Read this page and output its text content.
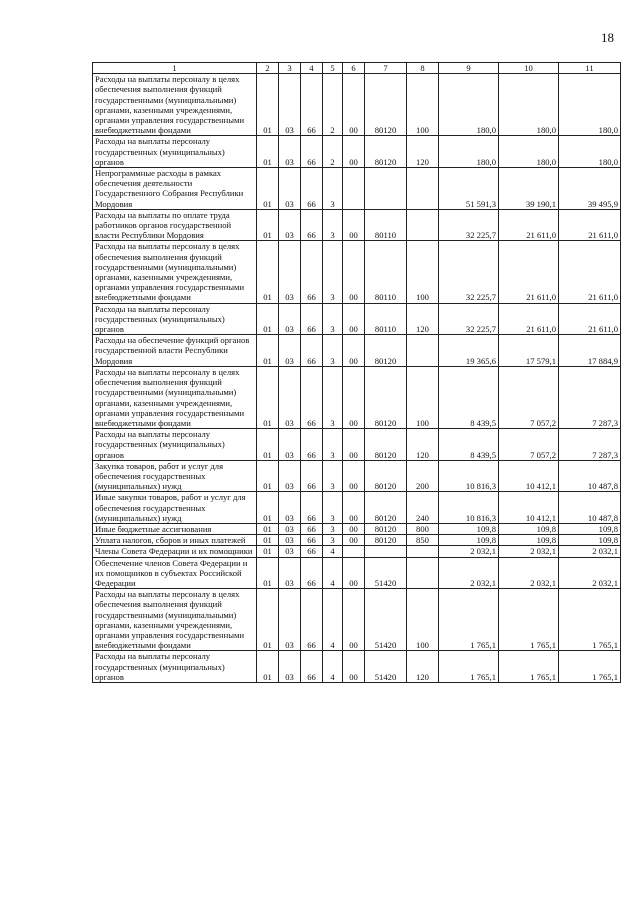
18
1	2	3	4	5	6	7	8	9	10	11
Расходы на выплаты персоналу в целях обеспечения выполнения функций государственными (муниципальными) органами, казенными учреждениями, органами управления государственными внебюджетными фондами	01	03	66	2	00	80120	100	180,0	180,0	180,0
Расходы на выплаты персоналу государственных (муниципальных) органов	01	03	66	2	00	80120	120	180,0	180,0	180,0
Непрограммные расходы в рамках обеспечения деятельности Государственного Собрания Республики Мордовия	01	03	66	3				51 591,3	39 190,1	39 495,9
Расходы на выплаты по оплате труда работников органов государственной власти Республики Мордовия	01	03	66	3	00	80110		32 225,7	21 611,0	21 611,0
Расходы на выплаты персоналу в целях обеспечения выполнения функций государственными (муниципальными) органами, казенными учреждениями, органами управления государственными внебюджетными фондами	01	03	66	3	00	80110	100	32 225,7	21 611,0	21 611,0
Расходы на выплаты персоналу государственных (муниципальных) органов	01	03	66	3	00	80110	120	32 225,7	21 611,0	21 611,0
Расходы на обеспечение функций органов государственной власти Республики Мордовия	01	03	66	3	00	80120		19 365,6	17 579,1	17 884,9
Расходы на выплаты персоналу в целях обеспечения выполнения функций государственными (муниципальными) органами, казенными учреждениями, органами управления государственными внебюджетными фондами	01	03	66	3	00	80120	100	8 439,5	7 057,2	7 287,3
Расходы на выплаты персоналу государственных (муниципальных) органов	01	03	66	3	00	80120	120	8 439,5	7 057,2	7 287,3
Закупка товаров, работ и услуг для обеспечения государственных (муниципальных) нужд	01	03	66	3	00	80120	200	10 816,3	10 412,1	10 487,8
Иные закупки товаров, работ и услуг для обеспечения государственных (муниципальных) нужд	01	03	66	3	00	80120	240	10 816,3	10 412,1	10 487,8
Иные бюджетные ассигнования	01	03	66	3	00	80120	800	109,8	109,8	109,8
Уплата налогов, сборов и иных платежей	01	03	66	3	00	80120	850	109,8	109,8	109,8
Члены Совета Федерации и их помощники	01	03	66	4				2 032,1	2 032,1	2 032,1
Обеспечение членов Совета Федерации и их помощников в субъектах Российской Федерации	01	03	66	4	00	51420		2 032,1	2 032,1	2 032,1
Расходы на выплаты персоналу в целях обеспечения выполнения функций государственными (муниципальными) органами, казенными учреждениями, органами управления государственными внебюджетными фондами	01	03	66	4	00	51420	100	1 765,1	1 765,1	1 765,1
Расходы на выплаты персоналу государственных (муниципальных) органов	01	03	66	4	00	51420	120	1 765,1	1 765,1	1 765,1
